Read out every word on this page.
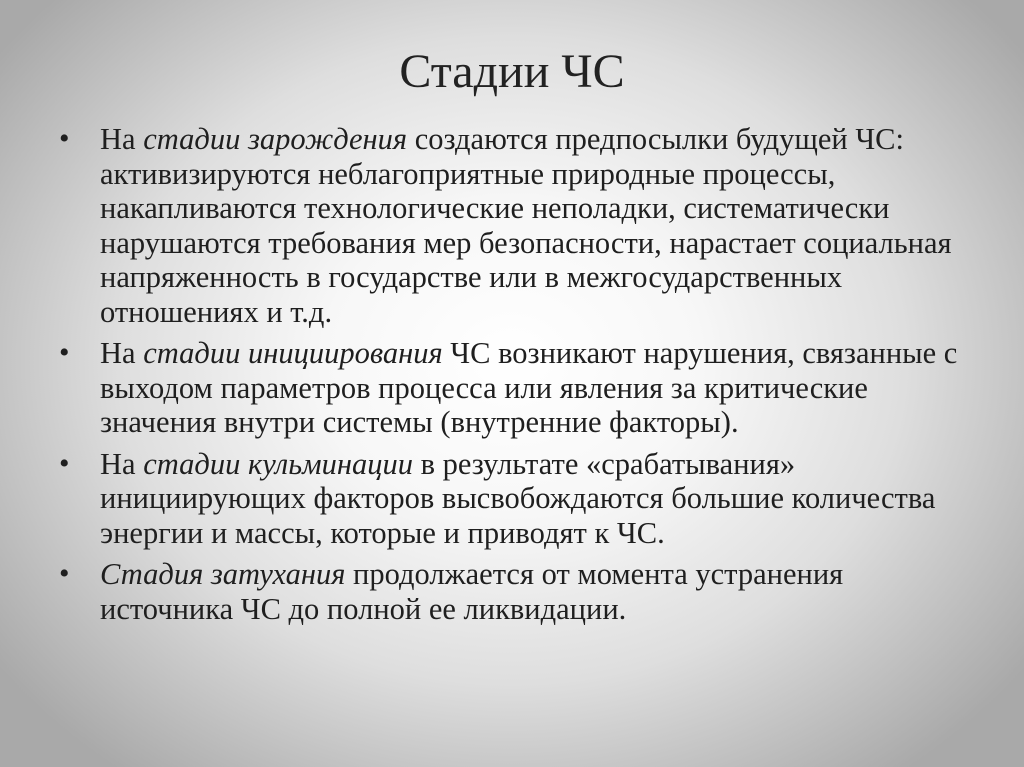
Стадии ЧС
• На стадии зарождения создаются предпосылки будущей ЧС: активизируются неблагоприятные природные процессы, накапливаются технологические неполадки, систематически нарушаются требования мер безопасности, нарастает социальная напряженность в государстве или в межгосударственных отношениях и т.д.
• На стадии инициирования ЧС возникают нарушения, связанные с выходом параметров процесса или явления за критические значения внутри системы (внутренние факторы).
• На стадии кульминации в результате «срабатывания» инициирующих факторов высвобождаются большие количества энергии и массы, которые и приводят к ЧС.
• Стадия затухания продолжается от момента устранения источника ЧС до полной ее ликвидации.
